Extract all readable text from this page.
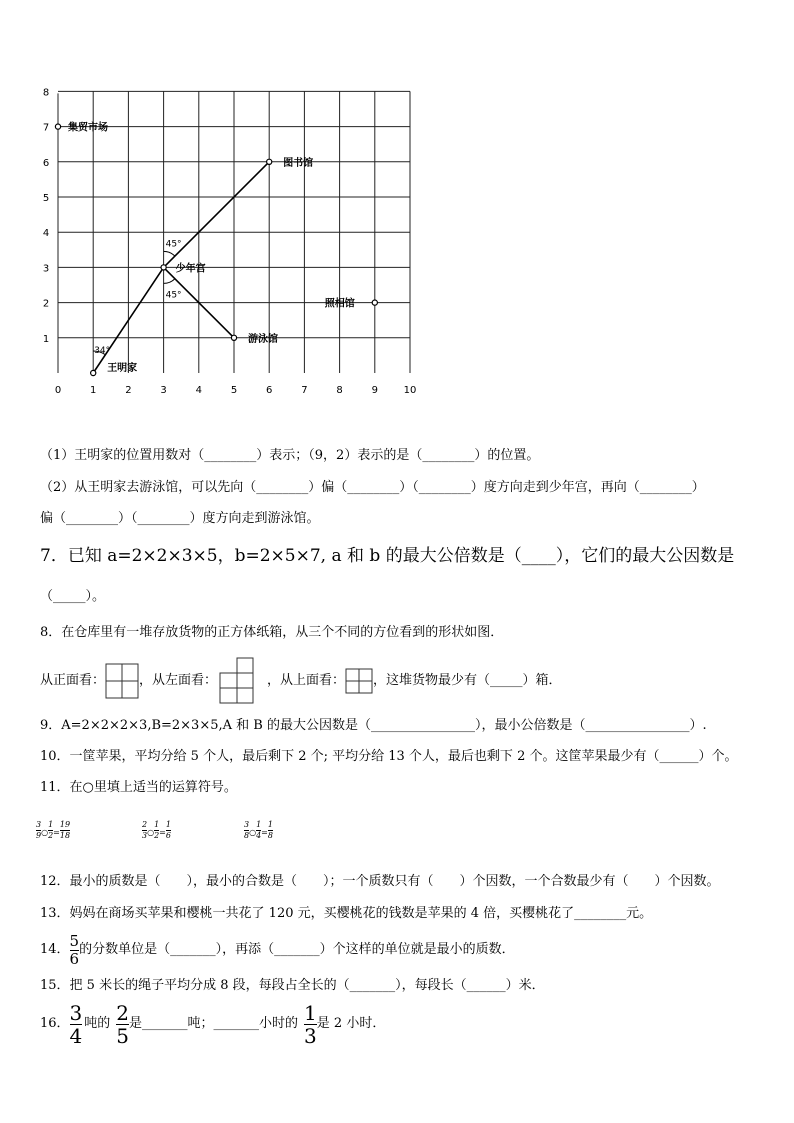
0	1	2	3	4	5	6	7	8	9	10
1
2
3
4
5
6
7
8
45°
45°
34°
集贸市场
图书馆
少年宫
照相馆
游泳馆
王明家
（1）王明家的位置用数对（________）表示；（9，2）表示的是（________）的位置。
（2）从王明家去游泳馆，可以先向（________）偏（________）（________）度方向走到少年宫，再向（________）
偏（________）（________）度方向走到游泳馆。
7．已知 a=2×2×3×5，b=2×5×7, a 和 b 的最大公倍数是（____），它们的最大公因数是
（_____）。
8．在仓库里有一堆存放货物的正方体纸箱，从三个不同的方位看到的形状如图．
从正面看：	，从左面看：	，从上面看： ，这堆货物最少有（_____）箱．
9．A=2×2×2×3,B=2×3×5,A 和 B 的最大公因数是（________________），最小公倍数是（________________）.
10．一筐苹果，平均分给 5 个人，最后剩下 2 个; 平均分给 13 个人，最后也剩下 2 个。这筐苹果最少有（______）个。
11．在○里填上适当的运算符号。
$\frac{3}{9}$ ○ $\frac{1}{2} = \frac{19}{18}$	$\frac{2}{3}$ ○ $\frac{1}{2} = \frac{1}{6}$	$\frac{3}{8}$ ○ $\frac{1}{4} = \frac{1}{8}$
12．最小的质数是（　　），最小的合数是（　　）；一个质数只有（　　）个因数，一个合数最少有（　　）个因数。
13．妈妈在商场买苹果和樱桃一共花了 120 元，买樱桃花的钱数是苹果的 4 倍，买樱桃花了________元。
14． $\frac{5}{6}$ 的分数单位是（_______），再添（_______）个这样的单位就是最小的质数．
15．把 5 米长的绳子平均分成 8 段，每段占全长的（_______），每段长（______）米．
16． $\frac{3}{4}$ 吨的 $\frac{2}{5}$ 是_______吨；_______小时的 $\frac{1}{3}$ 是 2 小时．
